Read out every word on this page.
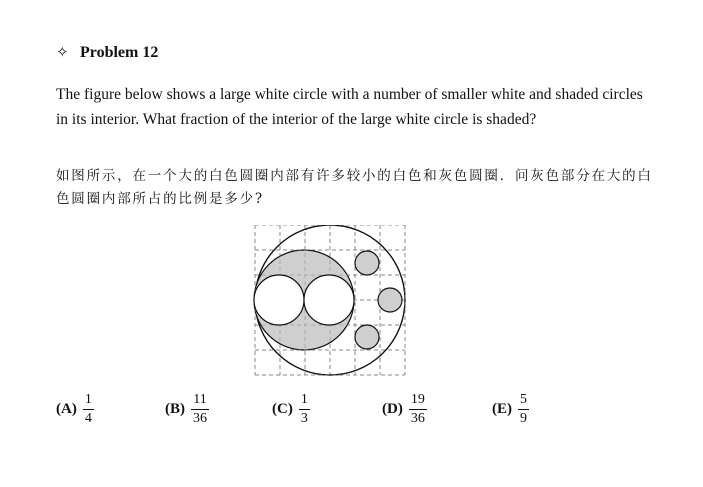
✧ Problem 12
The figure below shows a large white circle with a number of smaller white and shaded circles in its interior. What fraction of the interior of the large white circle is shaded?
如图所示，在一个大的白色圆圈内部有许多较小的白色和灰色圆圈．问灰色部分在大的白色圆圈内部所占的比例是多少?
$(A) \frac{1}{4}$	$(B) \frac{11}{36}$	$(C) \frac{1}{3}$	$(D) \frac{19}{36}$	$(E) \frac{5}{9}$
